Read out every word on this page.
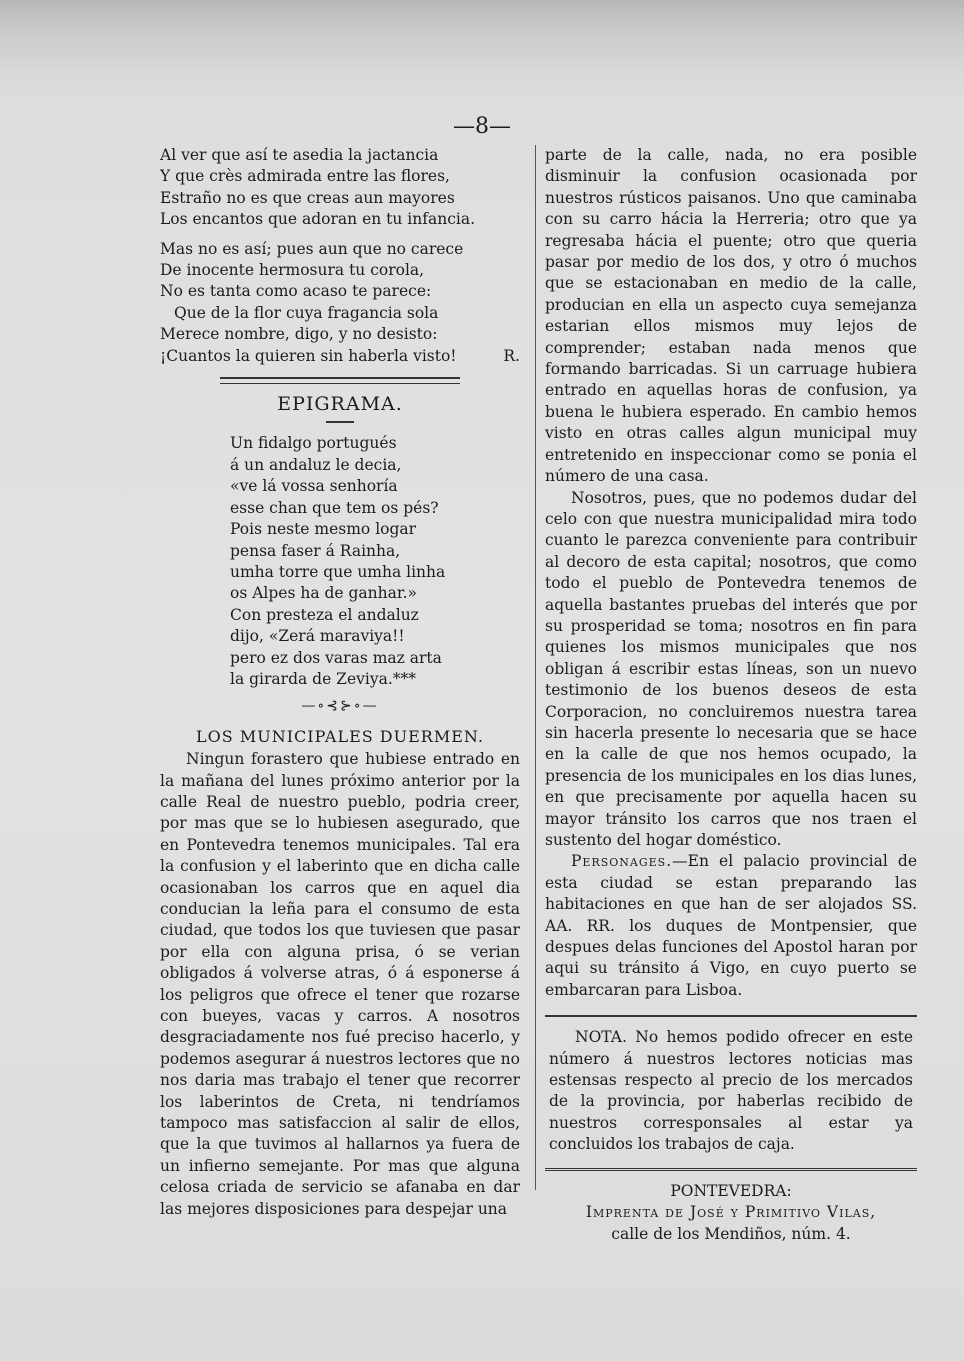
—8—
Al ver que así te asedia la jactancia
Y que crès admirada entre las flores,
Estraño no es que creas aun mayores
Los encantos que adoran en tu infancia.
Mas no es así; pues aun que no carece
De inocente hermosura tu corola,
No es tanta como acaso te parece:
Que de la flor cuya fragancia sola
Merece nombre, digo, y no desisto:
¡Cuantos la quieren sin haberla visto!	R.
EPIGRAMA.
Un fidalgo portugués
á un andaluz le decia,
«ve lá vossa senhoría
esse chan que tem os pés?
Pois neste mesmo logar
pensa faser á Rainha,
umha torre que umha linha
os Alpes ha de ganhar.»
Con presteza el andaluz
dijo, «Zerá maraviya!!
pero ez dos varas maz arta
la girarda de Zeviya.***
—∘⊰⊱∘—
LOS MUNICIPALES DUERMEN.

Ningun forastero que hubiese entrado en la mañana del lunes próximo anterior por la calle Real de nuestro pueblo, podria creer, por mas que se lo hubiesen asegurado, que en Pontevedra tenemos municipales. Tal era la confusion y el laberinto que en dicha calle ocasionaban los carros que en aquel dia conducian la leña para el consumo de esta ciudad, que todos los que tuviesen que pasar por ella con alguna prisa, ó se verian obligados á volverse atras, ó á esponerse á los peligros que ofrece el tener que rozarse con bueyes, vacas y carros. A nosotros desgraciadamente nos fué preciso hacerlo, y podemos asegurar á nuestros lectores que no nos daria mas trabajo el tener que recorrer los laberintos de Creta, ni tendríamos tampoco mas satisfaccion al salir de ellos, que la que tuvimos al hallarnos ya fuera de un infierno semejante. Por mas que alguna celosa criada de servicio se afanaba en dar las mejores disposiciones para despejar una

parte de la calle, nada, no era posible disminuir la confusion ocasionada por nuestros rústicos paisanos. Uno que caminaba con su carro hácia la Herreria; otro que ya regresaba hácia el puente; otro que queria pasar por medio de los dos, y otro ó muchos que se estacionaban en medio de la calle, producian en ella un aspecto cuya semejanza estarian ellos mismos muy lejos de comprender; estaban nada menos que formando barricadas. Si un carruage hubiera entrado en aquellas horas de confusion, ya buena le hubiera esperado. En cambio hemos visto en otras calles algun municipal muy entretenido en inspeccionar como se ponia el número de una casa.

Nosotros, pues, que no podemos dudar del celo con que nuestra municipalidad mira todo cuanto le parezca conveniente para contribuir al decoro de esta capital; nosotros, que como todo el pueblo de Pontevedra tenemos de aquella bastantes pruebas del interés que por su prosperidad se toma; nosotros en fin para quienes los mismos municipales que nos obligan á escribir estas líneas, son un nuevo testimonio de los buenos deseos de esta Corporacion, no concluiremos nuestra tarea sin hacerla presente lo necesaria que se hace en la calle de que nos hemos ocupado, la presencia de los municipales en los dias lunes, en que precisamente por aquella hacen su mayor tránsito los carros que nos traen el sustento del hogar doméstico.

Personages.—En el palacio provincial de esta ciudad se estan preparando las habitaciones en que han de ser alojados SS. AA. RR. los duques de Montpensier, que despues delas funciones del Apostol haran por aqui su tránsito á Vigo, en cuyo puerto se embarcaran para Lisboa.

NOTA. No hemos podido ofrecer en este número á nuestros lectores noticias mas estensas respecto al precio de los mercados de la provincia, por haberlas recibido de nuestros corresponsales al estar ya concluidos los trabajos de caja.

PONTEVEDRA:
Imprenta de José y Primitivo Vilas,
calle de los Mendiños, núm. 4.
